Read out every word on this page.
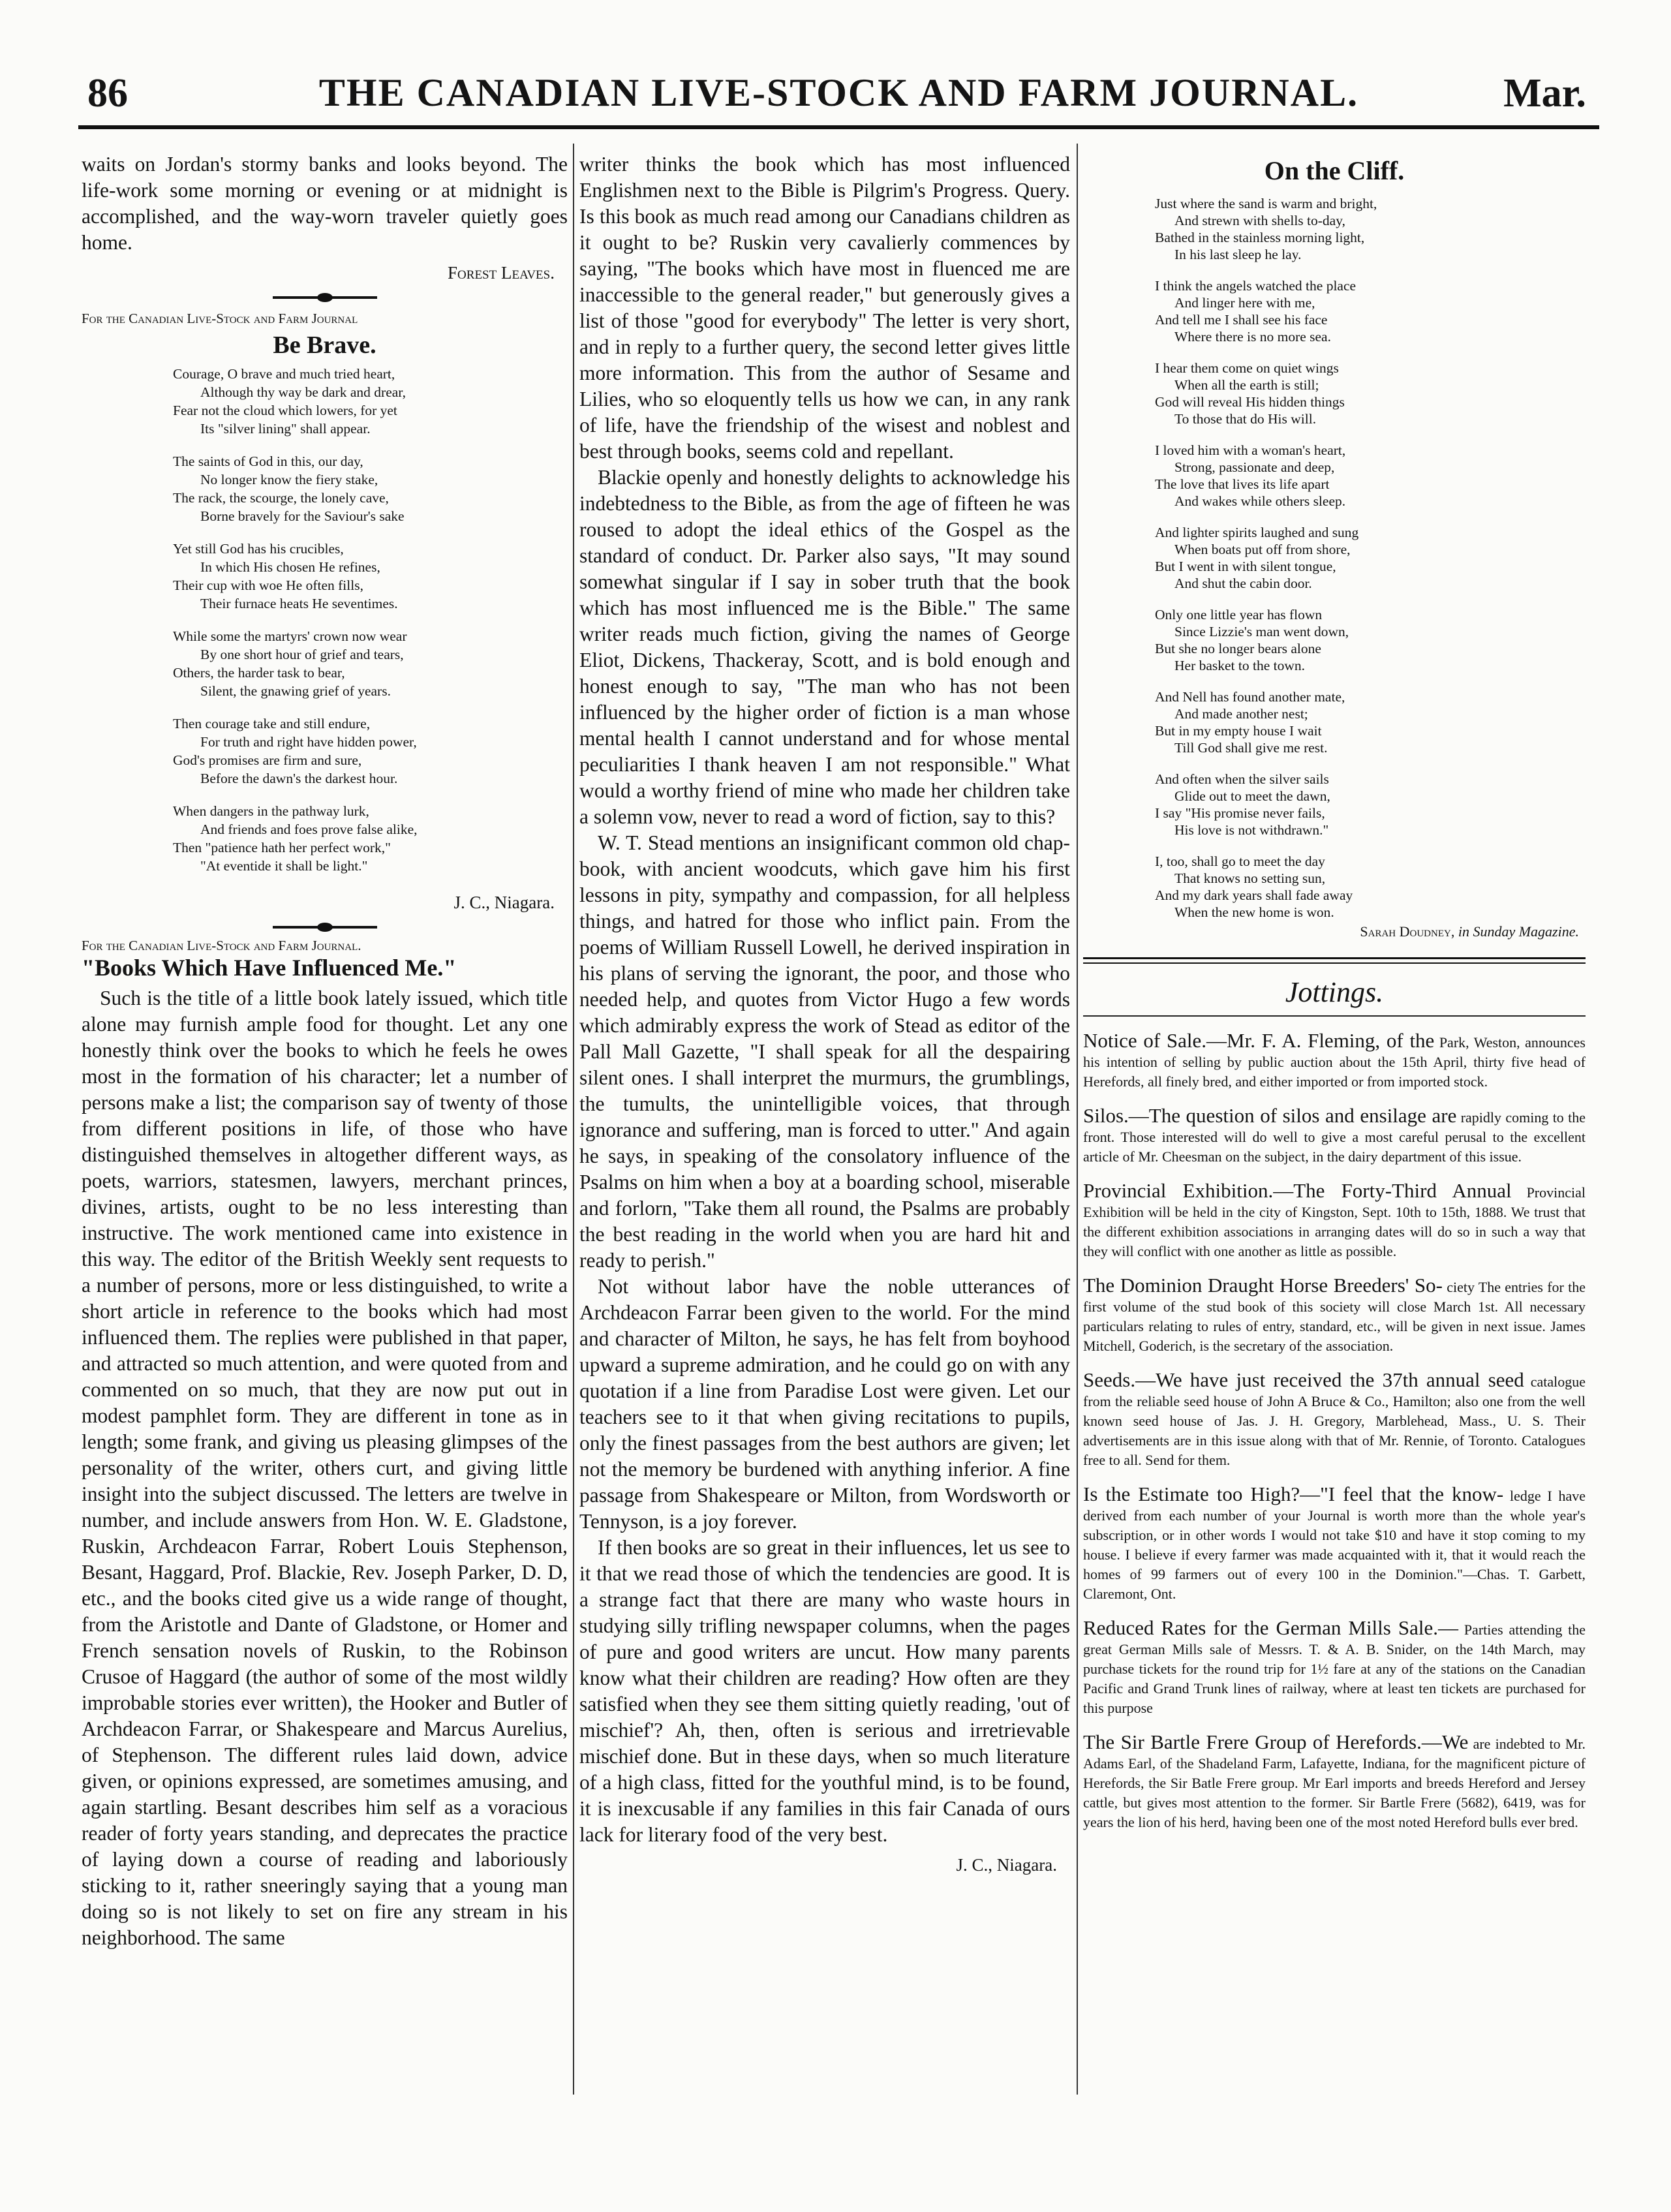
86	THE CANADIAN LIVE-STOCK AND FARM JOURNAL.	Mar.

waits on Jordan's stormy banks and looks beyond. The life-work some morning or evening or at midnight is accomplished, and the way-worn traveler quietly goes home.

Forest Leaves.

For the Canadian Live-Stock and Farm Journal
Be Brave.
Courage, O brave and much tried heart,
Although thy way be dark and drear,
Fear not the cloud which lowers, for yet
Its "silver lining" shall appear.
The saints of God in this, our day,
No longer know the fiery stake,
The rack, the scourge, the lonely cave,
Borne bravely for the Saviour's sake
Yet still God has his crucibles,
In which His chosen He refines,
Their cup with woe He often fills,
Their furnace heats He seventimes.
While some the martyrs' crown now wear
By one short hour of grief and tears,
Others, the harder task to bear,
Silent, the gnawing grief of years.
Then courage take and still endure,
For truth and right have hidden power,
God's promises are firm and sure,
Before the dawn's the darkest hour.
When dangers in the pathway lurk,
And friends and foes prove false alike,
Then "patience hath her perfect work,"
"At eventide it shall be light."

J. C., Niagara.

For the Canadian Live-Stock and Farm Journal.
"Books Which Have Influenced Me."

Such is the title of a little book lately issued, which title alone may furnish ample food for thought. Let any one honestly think over the books to which he feels he owes most in the formation of his character; let a number of persons make a list; the comparison say of twenty of those from different positions in life, of those who have distinguished themselves in altogether different ways, as poets, warriors, statesmen, lawyers, merchant princes, divines, artists, ought to be no less interesting than instructive. The work mentioned came into existence in this way. The editor of the British Weekly sent requests to a number of persons, more or less distinguished, to write a short article in reference to the books which had most influenced them. The replies were published in that paper, and attracted so much attention, and were quoted from and commented on so much, that they are now put out in modest pamphlet form. They are different in tone as in length; some frank, and giving us pleasing glimpses of the personality of the writer, others curt, and giving little insight into the subject discussed. The letters are twelve in number, and include answers from Hon. W. E. Gladstone, Ruskin, Archdeacon Farrar, Robert Louis Stephenson, Besant, Haggard, Prof. Blackie, Rev. Joseph Parker, D. D, etc., and the books cited give us a wide range of thought, from the Aristotle and Dante of Gladstone, or Homer and French sensation novels of Ruskin, to the Robinson Crusoe of Haggard (the author of some of the most wildly improbable stories ever written), the Hooker and Butler of Archdeacon Farrar, or Shakespeare and Marcus Aurelius, of Stephenson. The different rules laid down, advice given, or opinions expressed, are sometimes amusing, and again startling. Besant describes him self as a voracious reader of forty years standing, and deprecates the practice of laying down a course of reading and laboriously sticking to it, rather sneeringly saying that a young man doing so is not likely to set on fire any stream in his neighborhood. The same

writer thinks the book which has most influenced Englishmen next to the Bible is Pilgrim's Progress. Query. Is this book as much read among our Canadians children as it ought to be? Ruskin very cavalierly commences by saying, "The books which have most in fluenced me are inaccessible to the general reader," but generously gives a list of those "good for everybody" The letter is very short, and in reply to a further query, the second letter gives little more information. This from the author of Sesame and Lilies, who so eloquently tells us how we can, in any rank of life, have the friendship of the wisest and noblest and best through books, seems cold and repellant.

Blackie openly and honestly delights to acknowledge his indebtedness to the Bible, as from the age of fifteen he was roused to adopt the ideal ethics of the Gospel as the standard of conduct. Dr. Parker also says, "It may sound somewhat singular if I say in sober truth that the book which has most influenced me is the Bible." The same writer reads much fiction, giving the names of George Eliot, Dickens, Thackeray, Scott, and is bold enough and honest enough to say, "The man who has not been influenced by the higher order of fiction is a man whose mental health I cannot understand and for whose mental peculiarities I thank heaven I am not responsible." What would a worthy friend of mine who made her children take a solemn vow, never to read a word of fiction, say to this?

W. T. Stead mentions an insignificant common old chap-book, with ancient woodcuts, which gave him his first lessons in pity, sympathy and compassion, for all helpless things, and hatred for those who inflict pain. From the poems of William Russell Lowell, he derived inspiration in his plans of serving the ignorant, the poor, and those who needed help, and quotes from Victor Hugo a few words which admirably express the work of Stead as editor of the Pall Mall Gazette, "I shall speak for all the despairing silent ones. I shall interpret the murmurs, the grumblings, the tumults, the unintelligible voices, that through ignorance and suffering, man is forced to utter." And again he says, in speaking of the consolatory influence of the Psalms on him when a boy at a boarding school, miserable and forlorn, "Take them all round, the Psalms are probably the best reading in the world when you are hard hit and ready to perish."

Not without labor have the noble utterances of Archdeacon Farrar been given to the world. For the mind and character of Milton, he says, he has felt from boyhood upward a supreme admiration, and he could go on with any quotation if a line from Paradise Lost were given. Let our teachers see to it that when giving recitations to pupils, only the finest passages from the best authors are given; let not the memory be burdened with anything inferior. A fine passage from Shakespeare or Milton, from Wordsworth or Tennyson, is a joy forever.

If then books are so great in their influences, let us see to it that we read those of which the tendencies are good. It is a strange fact that there are many who waste hours in studying silly trifling newspaper columns, when the pages of pure and good writers are uncut. How many parents know what their children are reading? How often are they satisfied when they see them sitting quietly reading, 'out of mischief'? Ah, then, often is serious and irretrievable mischief done. But in these days, when so much literature of a high class, fitted for the youthful mind, is to be found, it is inexcusable if any families in this fair Canada of ours lack for literary food of the very best.

J. C., Niagara.

On the Cliff.
Just where the sand is warm and bright,
And strewn with shells to-day,
Bathed in the stainless morning light,
In his last sleep he lay.
I think the angels watched the place
And linger here with me,
And tell me I shall see his face
Where there is no more sea.
I hear them come on quiet wings
When all the earth is still;
God will reveal His hidden things
To those that do His will.
I loved him with a woman's heart,
Strong, passionate and deep,
The love that lives its life apart
And wakes while others sleep.
And lighter spirits laughed and sung
When boats put off from shore,
But I went in with silent tongue,
And shut the cabin door.
Only one little year has flown
Since Lizzie's man went down,
But she no longer bears alone
Her basket to the town.
And Nell has found another mate,
And made another nest;
But in my empty house I wait
Till God shall give me rest.
And often when the silver sails
Glide out to meet the dawn,
I say "His promise never fails,
His love is not withdrawn."
I, too, shall go to meet the day
That knows no setting sun,
And my dark years shall fade away
When the new home is won.
Sarah Doudney, in Sunday Magazine.
Jottings.
Notice of Sale.—Mr. F. A. Fleming, of the Park, Weston, announces his intention of selling by public auction about the 15th April, thirty five head of Herefords, all finely bred, and either imported or from imported stock.
Silos.—The question of silos and ensilage are rapidly coming to the front. Those interested will do well to give a most careful perusal to the excellent article of Mr. Cheesman on the subject, in the dairy department of this issue.
Provincial Exhibition.—The Forty-Third Annual Provincial Exhibition will be held in the city of Kingston, Sept. 10th to 15th, 1888. We trust that the different exhibition associations in arranging dates will do so in such a way that they will conflict with one another as little as possible.
The Dominion Draught Horse Breeders' So- ciety The entries for the first volume of the stud book of this society will close March 1st. All necessary particulars relating to rules of entry, standard, etc., will be given in next issue. James Mitchell, Goderich, is the secretary of the association.
Seeds.—We have just received the 37th annual seed catalogue from the reliable seed house of John A Bruce & Co., Hamilton; also one from the well known seed house of Jas. J. H. Gregory, Marblehead, Mass., U. S. Their advertisements are in this issue along with that of Mr. Rennie, of Toronto. Catalogues free to all. Send for them.
Is the Estimate too High?—"I feel that the know- ledge I have derived from each number of your Journal is worth more than the whole year's subscription, or in other words I would not take $10 and have it stop coming to my house. I believe if every farmer was made acquainted with it, that it would reach the homes of 99 farmers out of every 100 in the Dominion."—Chas. T. Garbett, Claremont, Ont.
Reduced Rates for the German Mills Sale.— Parties attending the great German Mills sale of Messrs. T. & A. B. Snider, on the 14th March, may purchase tickets for the round trip for 1½ fare at any of the stations on the Canadian Pacific and Grand Trunk lines of railway, where at least ten tickets are purchased for this purpose
The Sir Bartle Frere Group of Herefords.—We are indebted to Mr. Adams Earl, of the Shadeland Farm, Lafayette, Indiana, for the magnificent picture of Herefords, the Sir Batle Frere group. Mr Earl imports and breeds Hereford and Jersey cattle, but gives most attention to the former. Sir Bartle Frere (5682), 6419, was for years the lion of his herd, having been one of the most noted Hereford bulls ever bred.
